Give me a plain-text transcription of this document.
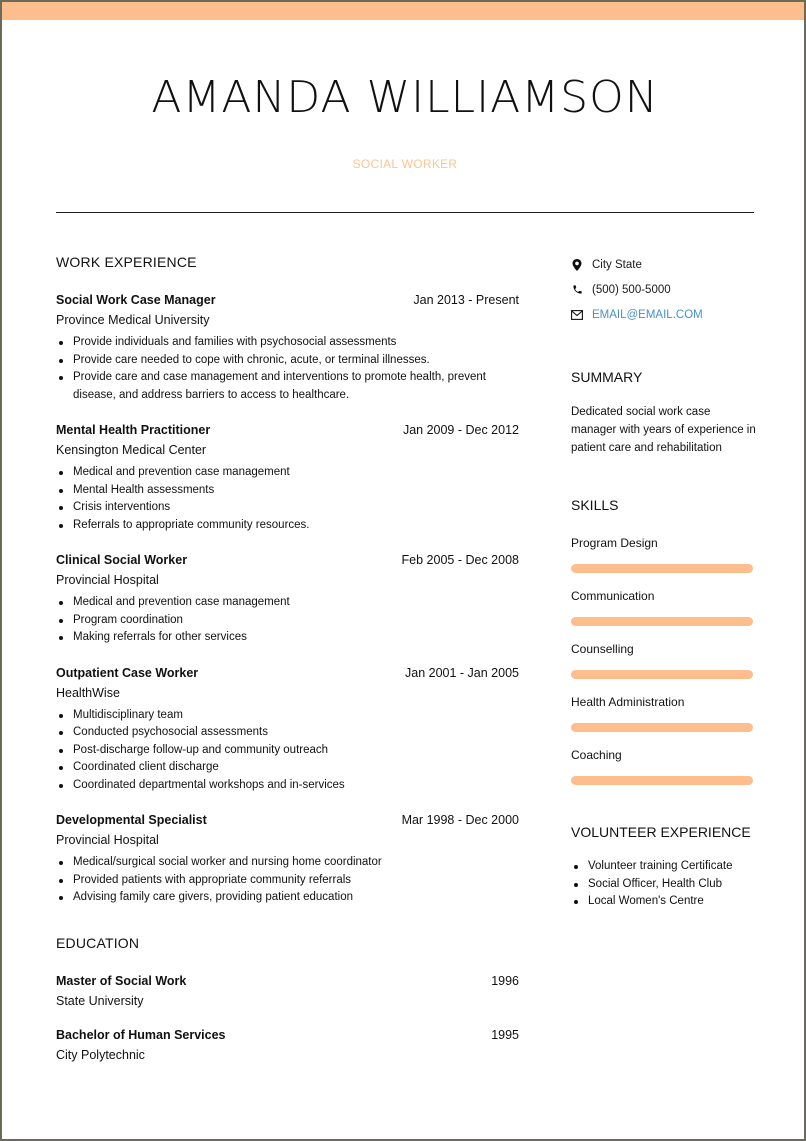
AMANDA WILLIAMSON
SOCIAL WORKER
WORK EXPERIENCE
Social Work Case Manager	Jan 2013 - Present
Province Medical University
Provide individuals and families with psychosocial assessments
Provide care needed to cope with chronic, acute, or terminal illnesses.
Provide care and case management and interventions to promote health, prevent disease, and address barriers to access to healthcare.
Mental Health Practitioner	Jan 2009 - Dec 2012
Kensington Medical Center
Medical and prevention case management
Mental Health assessments
Crisis interventions
Referrals to appropriate community resources.
Clinical Social Worker	Feb 2005 - Dec 2008
Provincial Hospital
Medical and prevention case management
Program coordination
Making referrals for other services
Outpatient Case Worker	Jan 2001 - Jan 2005
HealthWise
Multidisciplinary team
Conducted psychosocial assessments
Post-discharge follow-up and community outreach
Coordinated client discharge
Coordinated departmental workshops and in-services
Developmental Specialist	Mar 1998 - Dec 2000
Provincial Hospital
Medical/surgical social worker and nursing home coordinator
Provided patients with appropriate community referrals
Advising family care givers, providing patient education
EDUCATION
Master of Social Work	1996
State University
Bachelor of Human Services	1995
City Polytechnic
City State
(500) 500-5000
EMAIL@EMAIL.COM
SUMMARY
Dedicated social work case manager with years of experience in patient care and rehabilitation
SKILLS
Program Design
Communication
Counselling
Health Administration
Coaching
VOLUNTEER EXPERIENCE
Volunteer training Certificate
Social Officer, Health Club
Local Women's Centre
